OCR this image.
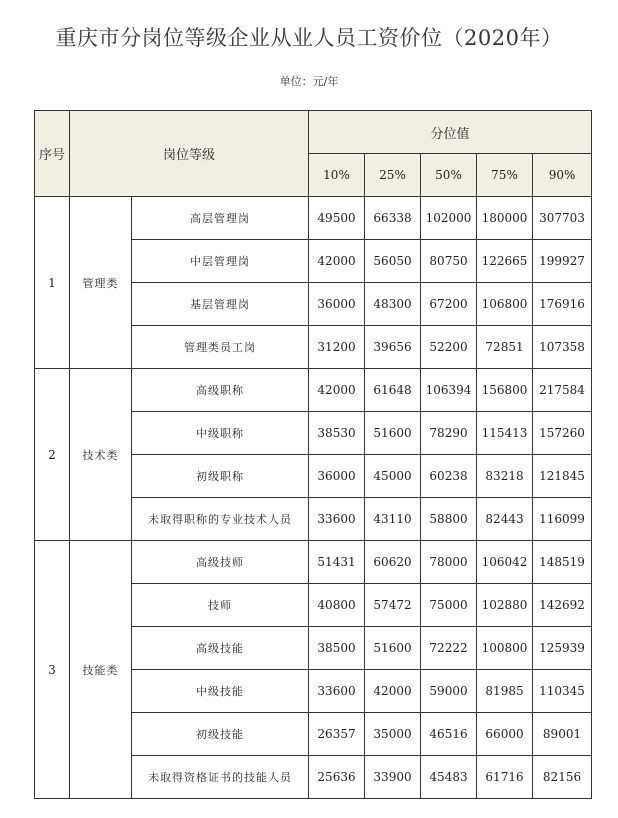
重庆市分岗位等级企业从业人员工资价位（2020年）
单位：元/年
序号	岗位等级		分位值				
			10%	25%	50%	75%	90%
1	管理类	高层管理岗	49500	66338	102000	180000	307703
		中层管理岗	42000	56050	80750	122665	199927
		基层管理岗	36000	48300	67200	106800	176916
		管理类员工岗	31200	39656	52200	72851	107358
2	技术类	高级职称	42000	61648	106394	156800	217584
		中级职称	38530	51600	78290	115413	157260
		初级职称	36000	45000	60238	83218	121845
		未取得职称的专业技术人员	33600	43110	58800	82443	116099
3	技能类	高级技师	51431	60620	78000	106042	148519
		技师	40800	57472	75000	102880	142692
		高级技能	38500	51600	72222	100800	125939
		中级技能	33600	42000	59000	81985	110345
		初级技能	26357	35000	46516	66000	89001
		未取得资格证书的技能人员	25636	33900	45483	61716	82156
